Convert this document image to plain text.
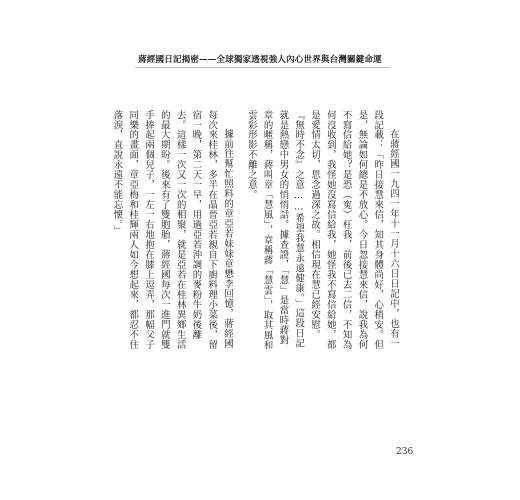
蔣經國日記揭密——全球獨家透視強人內心世界與台灣關鍵命運

在蔣經國一九四一年十一月十六日日記中，也有一段記載：「昨日接慧來信，知其身體尚好，心稍安。但是，無論如何總是不放心。今日忽接慧來信，說我為何不寫信給她？是恐（寃）枉我，前後已去二信，不知為何沒收到，我怪她沒寫信給我，她怪我不寫信給她，都是愛情太切，思念過深之故。相信現在慧已經安慰。『無時不念』之意……希望我慧永遠健康。」這段日記就是熱戀中男女的悄悄話。據查證，「慧」是當時蔣對章的暱稱，蔣叫章「慧風」，章稱蔣「慧雲」，取其風和雲彩形影不離之意。

據前往幫忙照料的章亞若妹妹章懋李回憶，蔣經國每次來桂林，多半在晶晉亞若親自下廚料理小菜後，留宿一晚，第二天一早，用過亞若沖調的麥粉牛奶後離去。這樣一次又一次的相聚，就是亞若在桂林異鄉生活的最大期盼。後來有了雙胞胎，蔣經國每次一進門就雙手捧起兩個兒子，一左一右地抱在膝上逗弄，那幅父子同樂的畫面，章亞梅和桂輝兩人如今想起來，都忍不住落淚，直說永遠不能忘懷。」

236
